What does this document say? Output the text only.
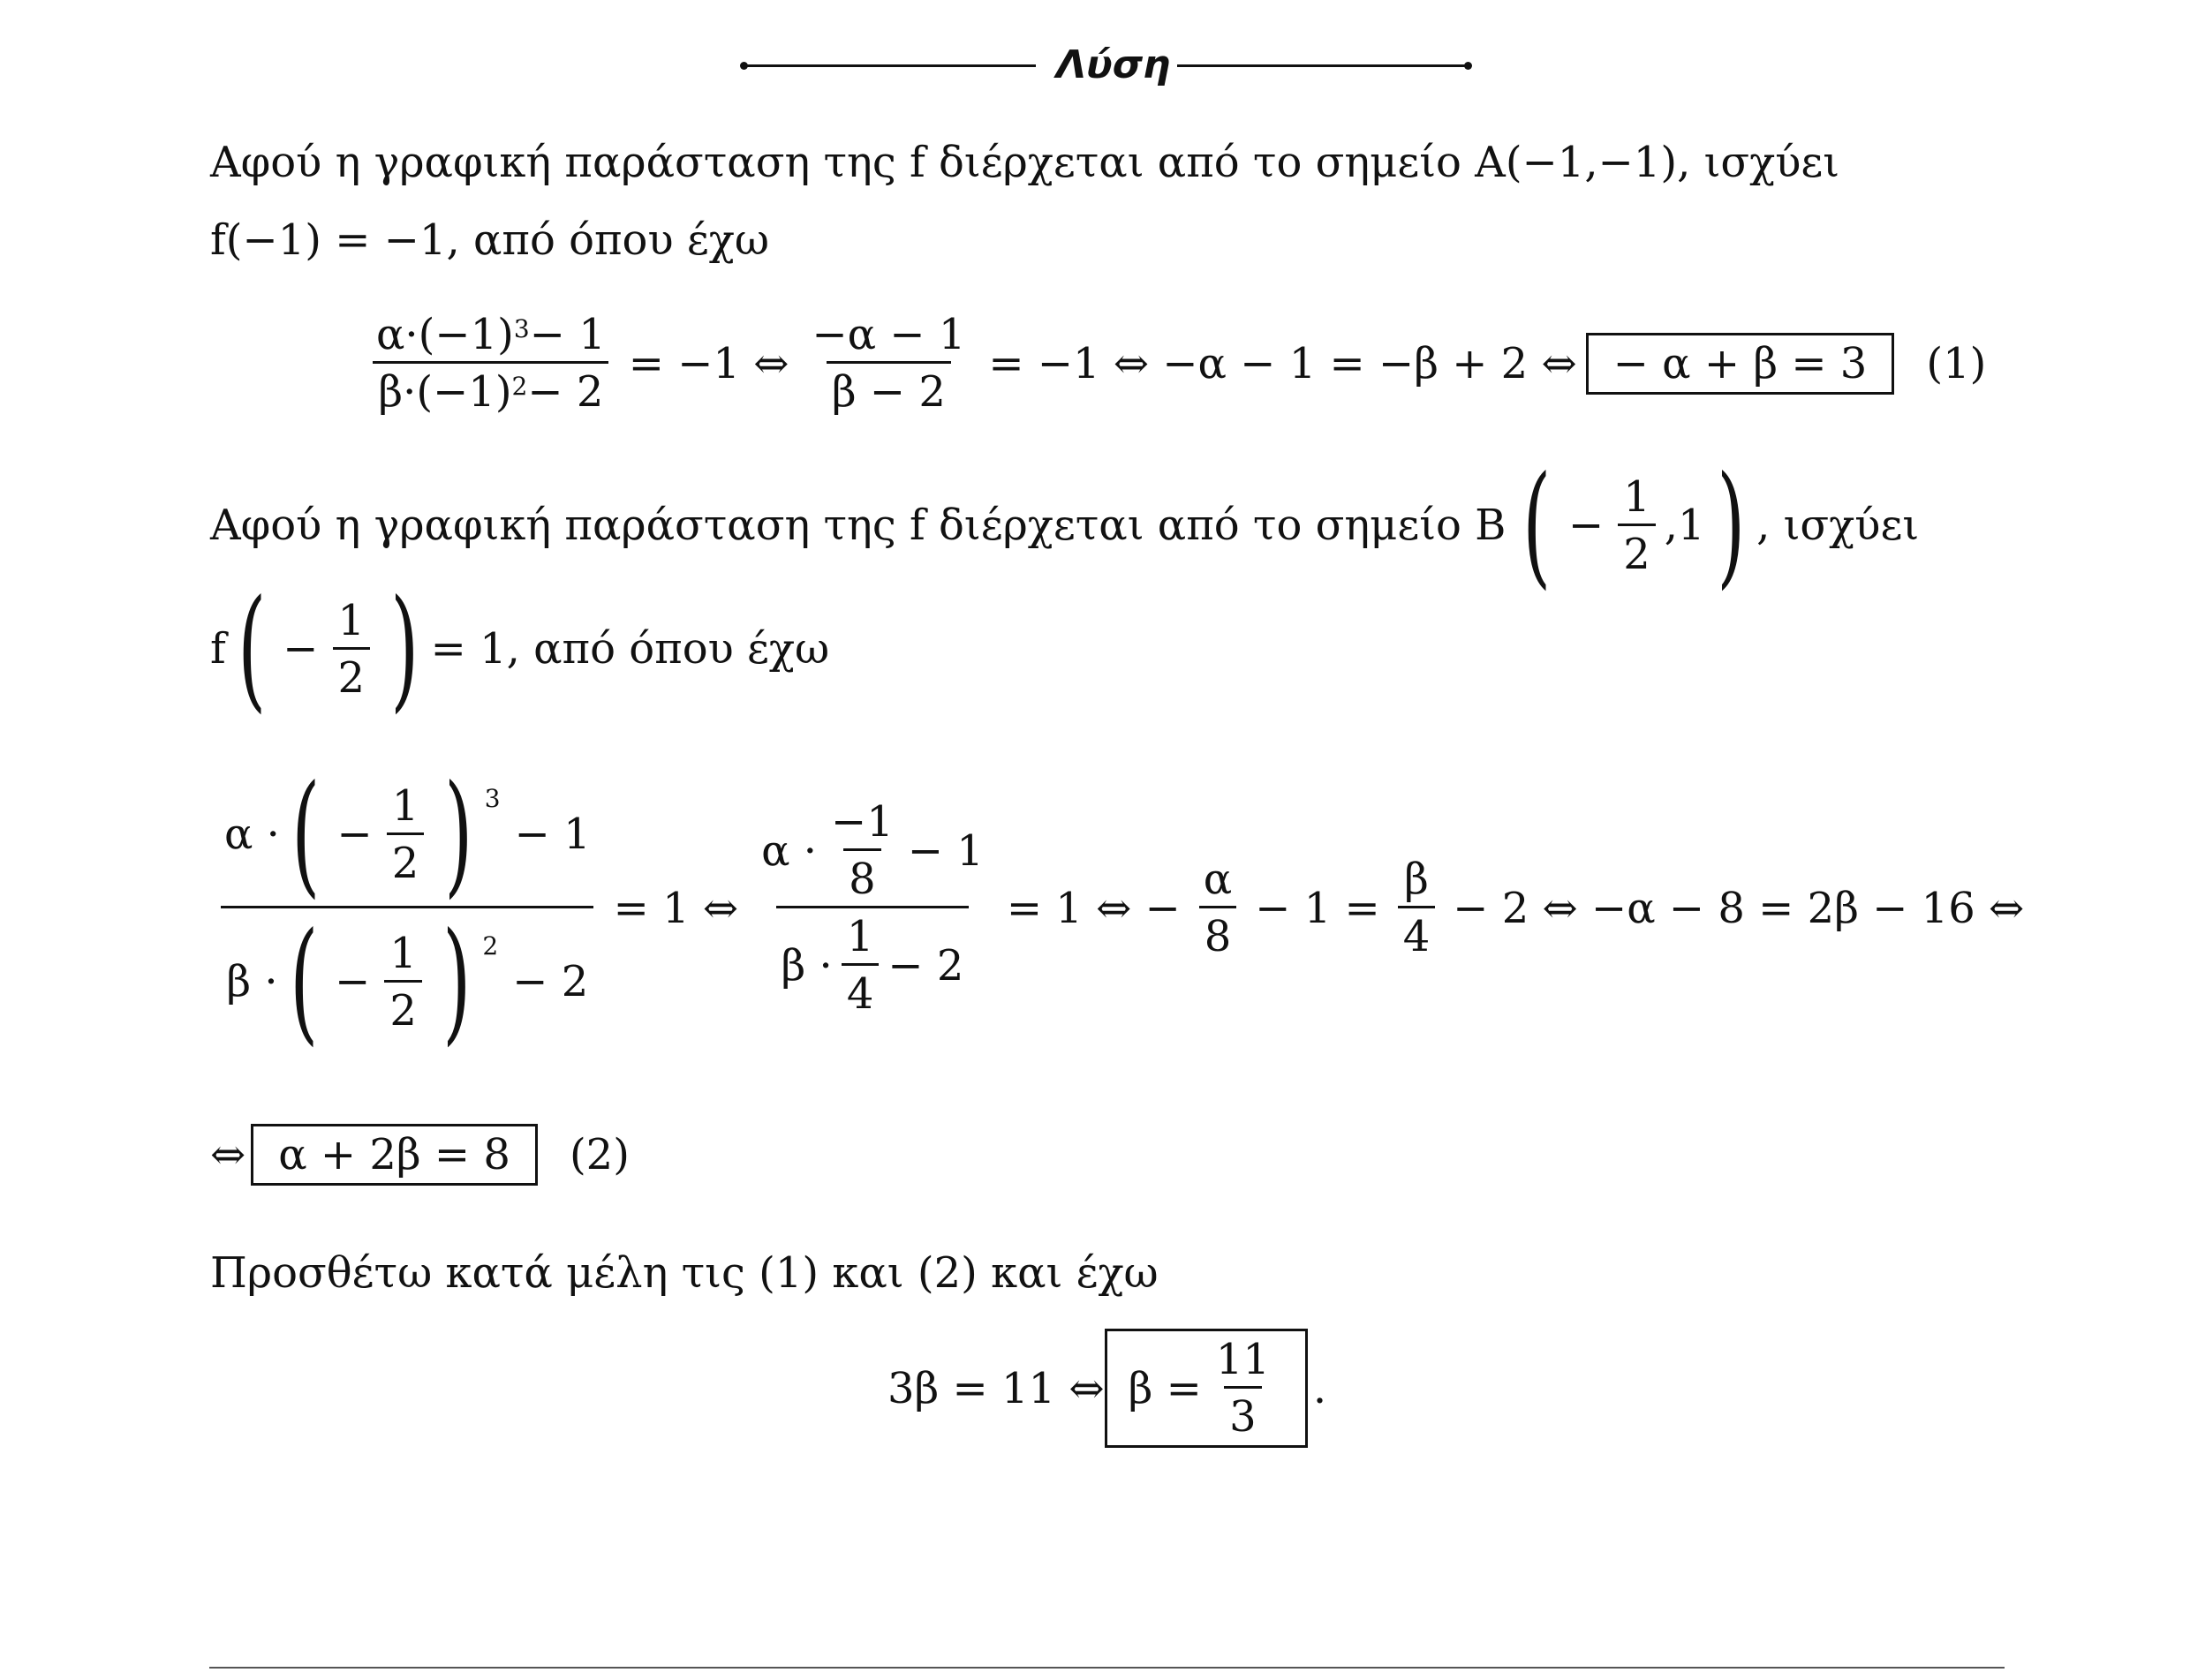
Λύση
Αφού η γραφική παράσταση της f διέρχεται από το σημείο A(−1,−1), ισχύει
f(−1) = −1, από όπου έχω
$\frac{\alpha\cdot(-1) 3 - 1}{\beta\cdot(-1) 2 - 2} = -1$ ⇔ $\frac{-\alpha - 1}{\beta - 2} = -1$ ⇔ −α − 1 = −β + 2 ⇔ − α + β = 3	(1)
Αφού η γραφική παράσταση της f διέρχεται από το σημείο B ( − $\frac{1}{2} ,1$ ) , ισχύει
f ( − $\frac{1}{2}$ ) = 1, από όπου έχω
α · ( − $\frac{1}{2}$ ) 3
− 1
β · ( − $\frac{1}{2}$ ) 2
− 2
= 1 ⇔ $\frac{\alpha \cdot \frac{-1}{8} - 1}{\beta \cdot \frac{1}{4} - 2} = 1$ ⇔ − $\frac{\alpha}{8} - 1 = \frac{\beta}{4} - 2$ ⇔ −α − 8 = 2β − 16 ⇔
⇔ α + 2β = 8	(2)
Προσθέτω κατά μέλη τις (1) και (2) και έχω
3β = 11 ⇔ $\beta = \frac{11}{3}$ .
